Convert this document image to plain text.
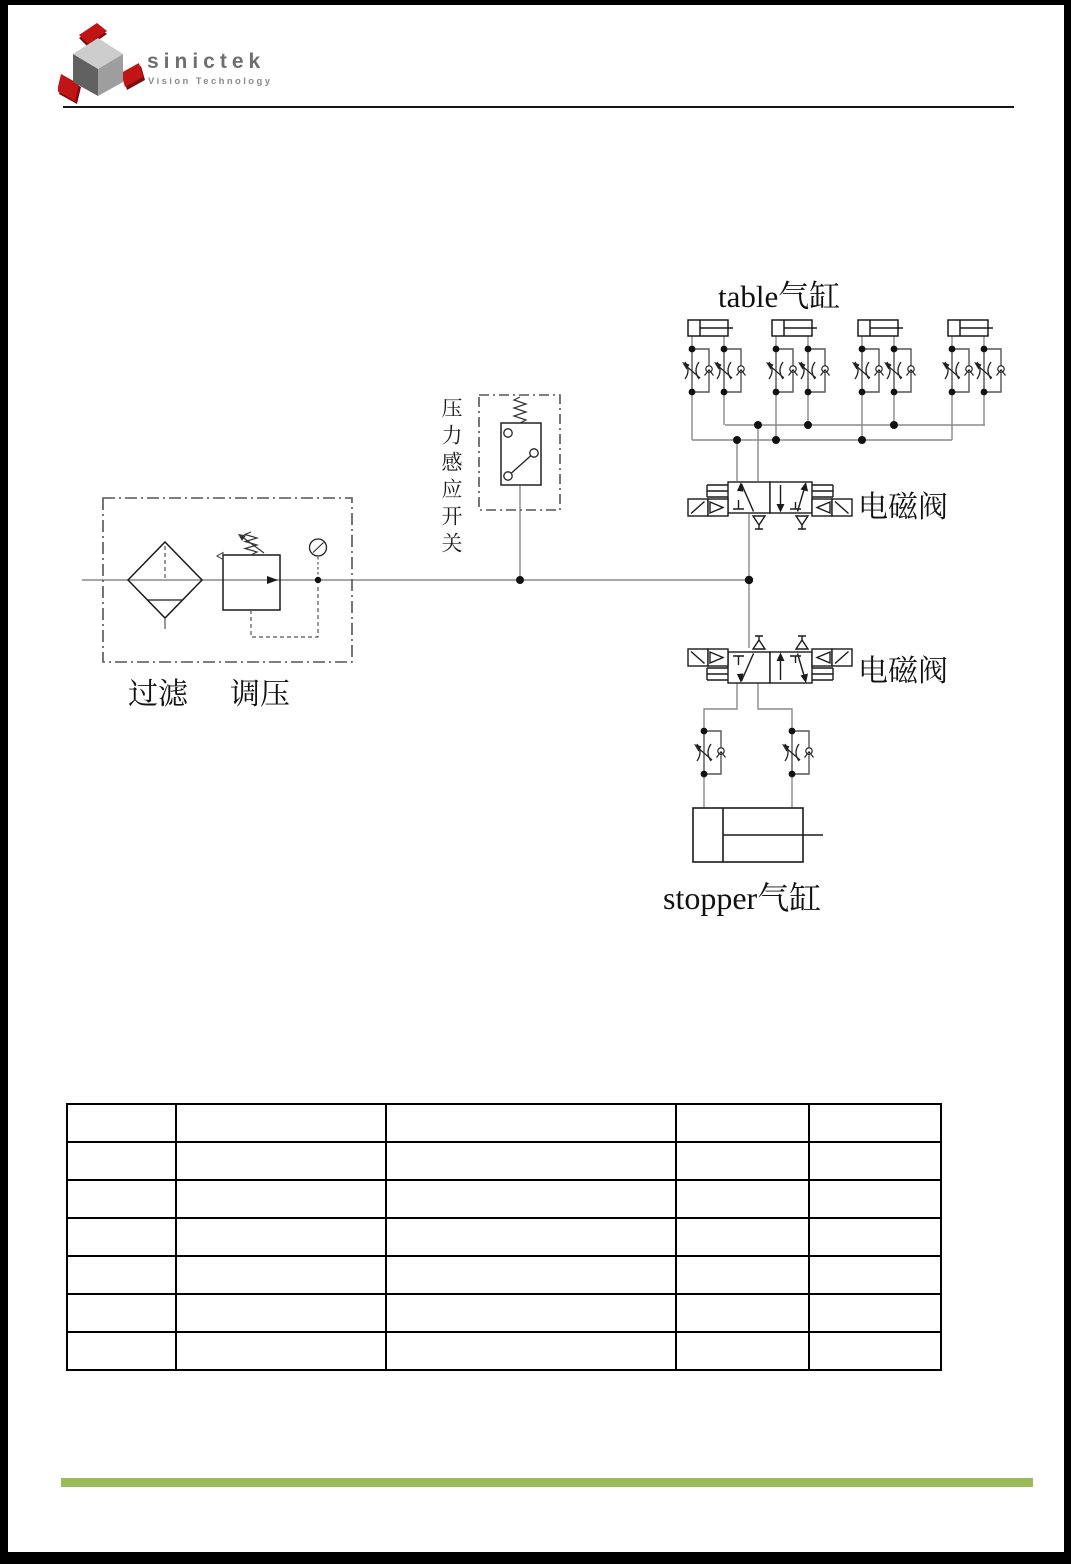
sinictek
Vision Technology
table气缸
电磁阀
电磁阀
stopper气缸
过滤 调压
压力感应开关
